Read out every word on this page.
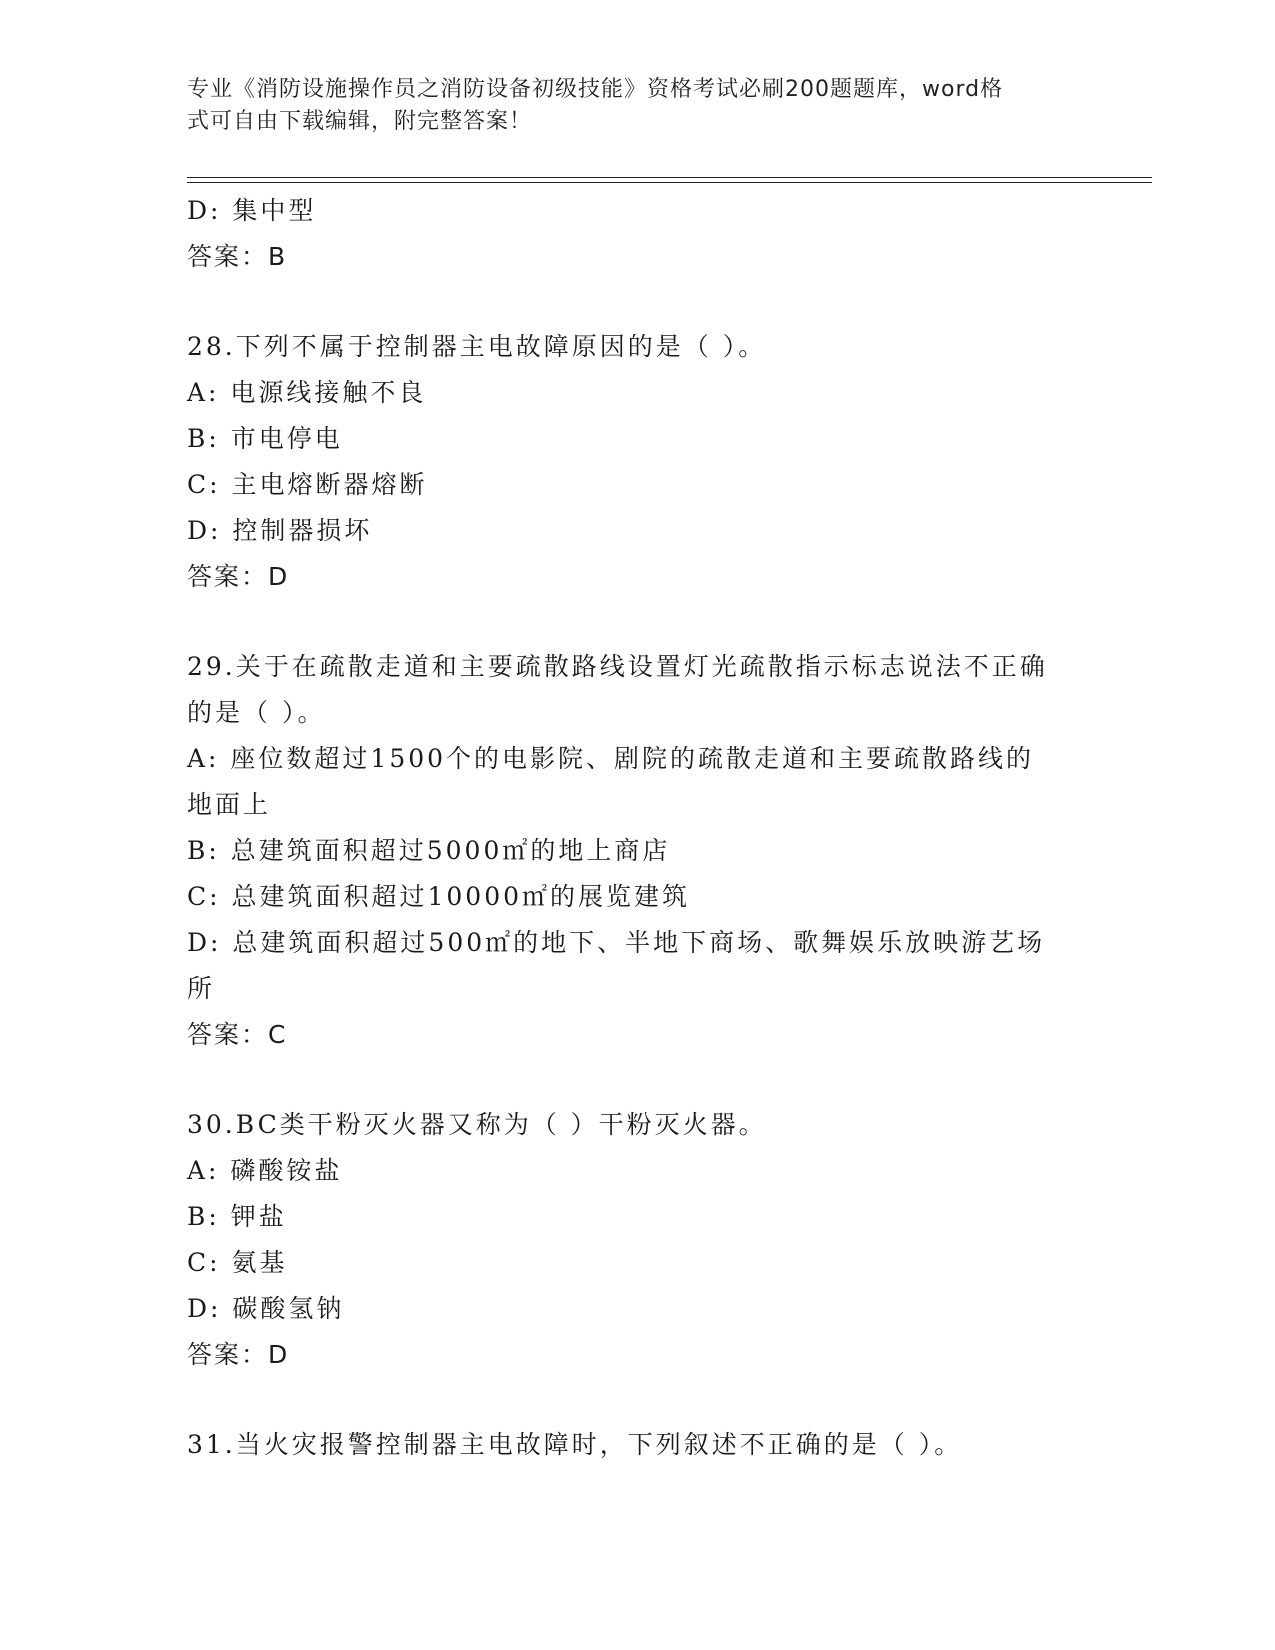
专业《消防设施操作员之消防设备初级技能》资格考试必刷200题题库，word格
式可自由下载编辑，附完整答案！
D: 集中型
答案：B
28.下列不属于控制器主电故障原因的是（ ）。
A: 电源线接触不良
B: 市电停电
C: 主电熔断器熔断
D: 控制器损坏
答案：D
29.关于在疏散走道和主要疏散路线设置灯光疏散指示标志说法不正确
的是（ ）。
A: 座位数超过1500个的电影院、剧院的疏散走道和主要疏散路线的
地面上
B: 总建筑面积超过5000㎡的地上商店
C: 总建筑面积超过10000㎡的展览建筑
D: 总建筑面积超过500㎡的地下、半地下商场、歌舞娱乐放映游艺场
所
答案：C
30.BC类干粉灭火器又称为（ ）干粉灭火器。
A: 磷酸铵盐
B: 钾盐
C: 氨基
D: 碳酸氢钠
答案：D
31.当火灾报警控制器主电故障时，下列叙述不正确的是（ ）。
